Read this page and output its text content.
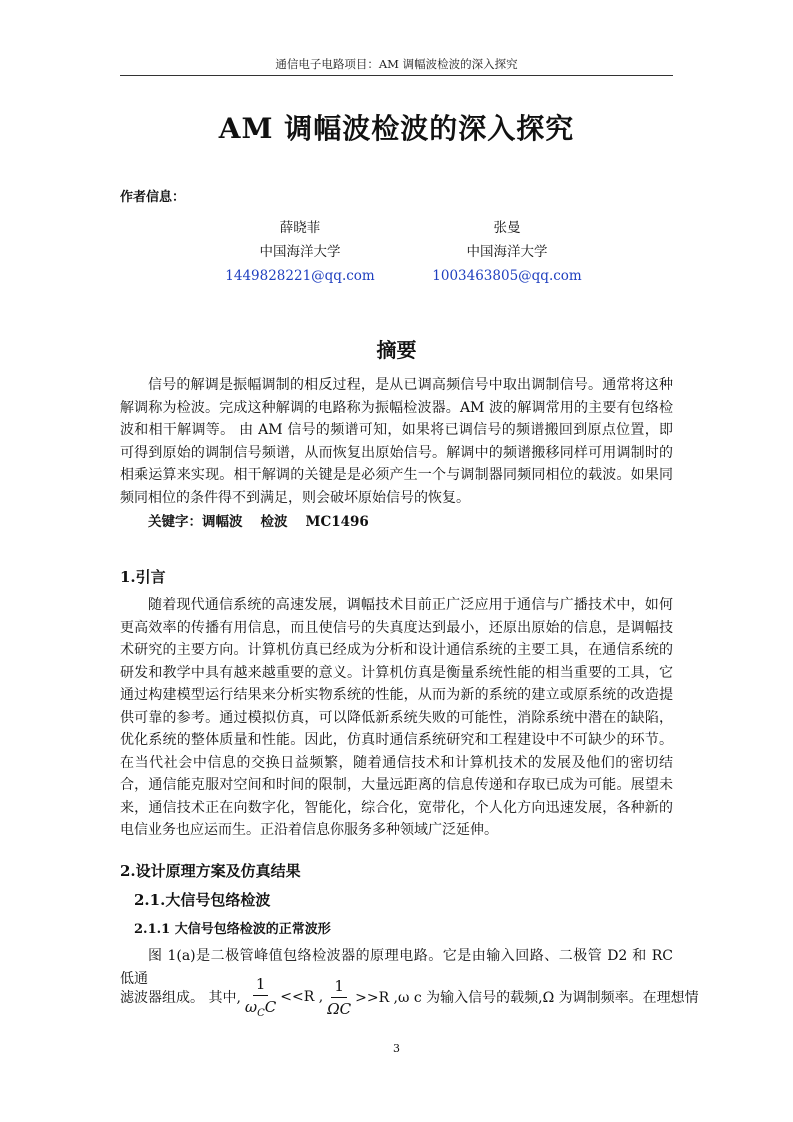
通信电子电路项目：AM 调幅波检波的深入探究
AM 调幅波检波的深入探究
作者信息：
薛晓菲
中国海洋大学
1449828221@qq.com
张曼
中国海洋大学
1003463805@qq.com
摘要
信号的解调是振幅调制的相反过程，是从已调高频信号中取出调制信号。通常将这种解调称为检波。完成这种解调的电路称为振幅检波器。AM 波的解调常用的主要有包络检波和相干解调等。 由 AM 信号的频谱可知，如果将已调信号的频谱搬回到原点位置，即可得到原始的调制信号频谱，从而恢复出原始信号。解调中的频谱搬移同样可用调制时的相乘运算来实现。相干解调的关键是是必须产生一个与调制器同频同相位的载波。如果同频同相位的条件得不到满足，则会破坏原始信号的恢复。
关键字：调幅波 检波 MC1496
1.引言
随着现代通信系统的高速发展，调幅技术目前正广泛应用于通信与广播技术中，如何更高效率的传播有用信息，而且使信号的失真度达到最小，还原出原始的信息，是调幅技术研究的主要方向。计算机仿真已经成为分析和设计通信系统的主要工具，在通信系统的研发和教学中具有越来越重要的意义。计算机仿真是衡量系统性能的相当重要的工具，它通过构建模型运行结果来分析实物系统的性能，从而为新的系统的建立或原系统的改造提供可靠的参考。通过模拟仿真，可以降低新系统失败的可能性，消除系统中潜在的缺陷，优化系统的整体质量和性能。因此，仿真时通信系统研究和工程建设中不可缺少的环节。在当代社会中信息的交换日益频繁，随着通信技术和计算机技术的发展及他们的密切结合，通信能克服对空间和时间的限制，大量远距离的信息传递和存取已成为可能。展望未来，通信技术正在向数字化，智能化，综合化，宽带化，个人化方向迅速发展，各种新的电信业务也应运而生。正沿着信息你服务多种领域广泛延伸。
2.设计原理方案及仿真结果
2.1.大信号包络检波
2.1.1 大信号包络检波的正常波形
图 1(a)是二极管峰值包络检波器的原理电路。它是由输入回路、二极管 D2 和 RC 低通
滤波器组成。 其中, $\frac{1}{\omega_CC} <<R$ , $\frac{1}{\Omega C} >>R$ ,ω c 为输入信号的载频,Ω 为调制频率。在理想情
3
